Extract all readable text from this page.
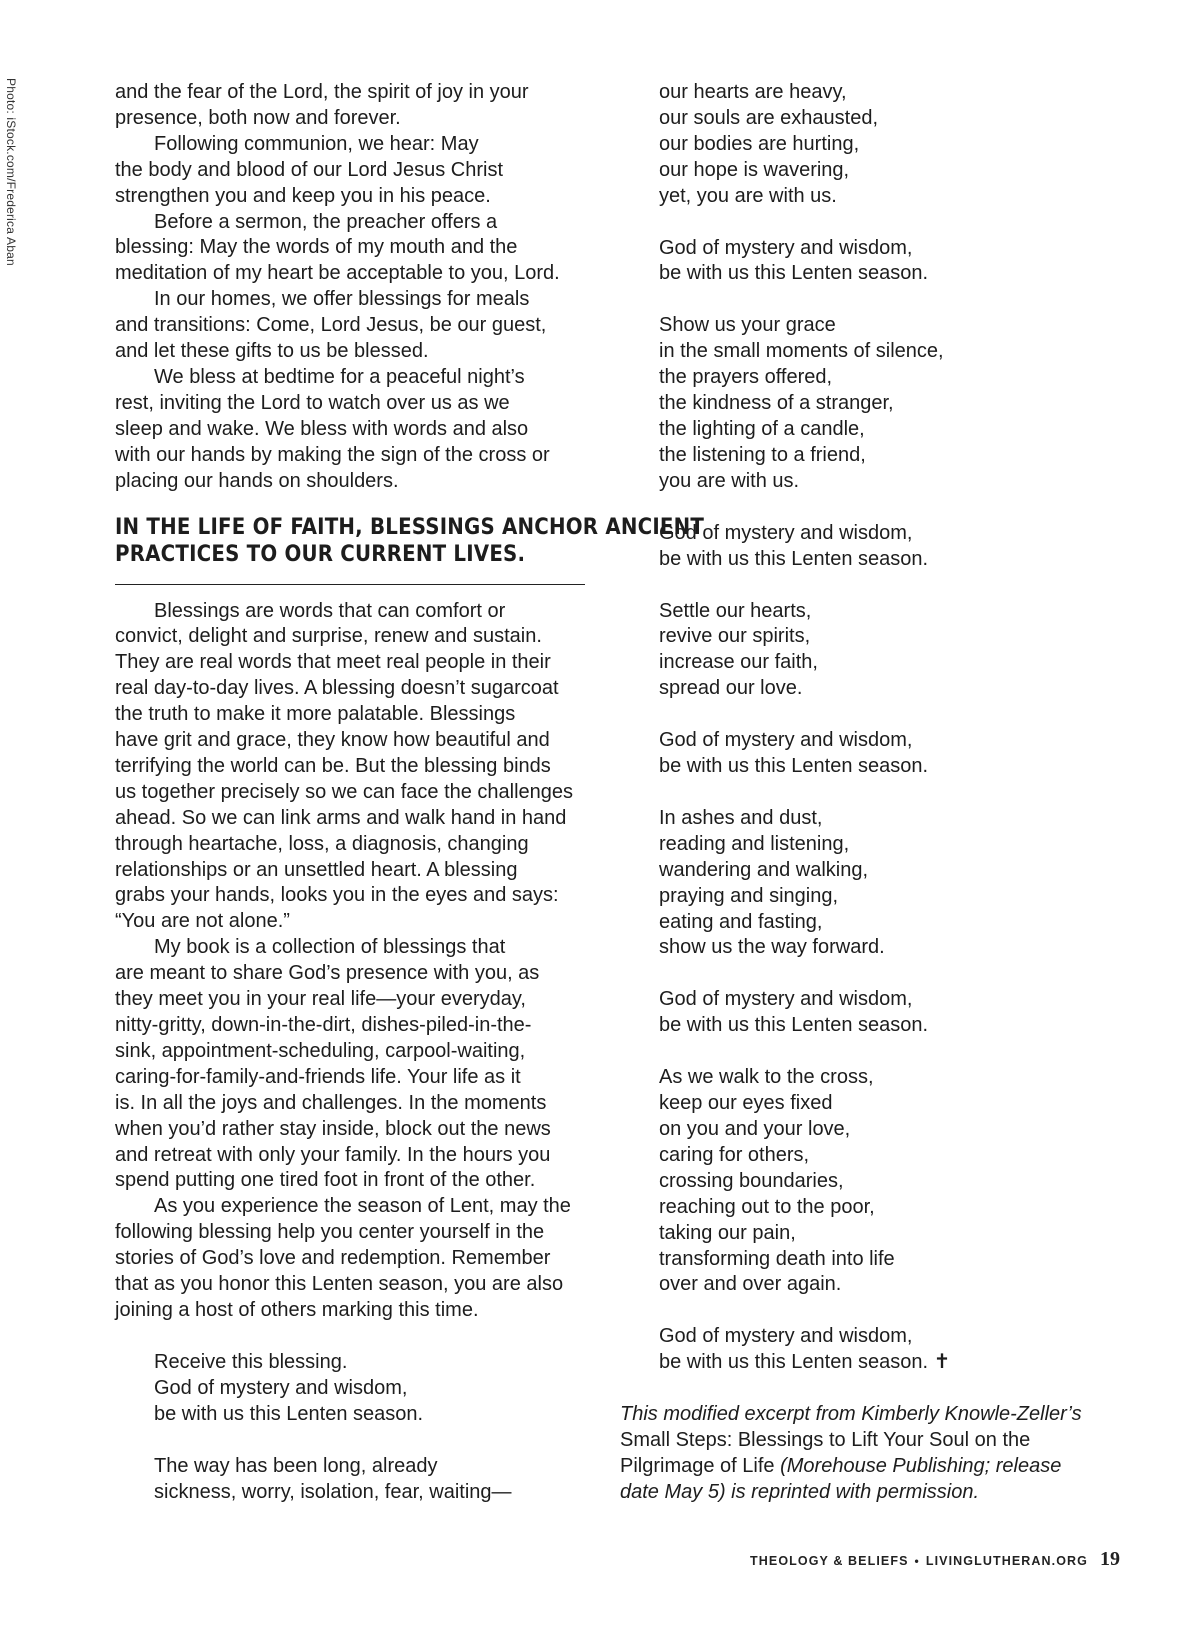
Photo: iStock.com/Frederica Aban	and the fear of the Lord, the spirit of joy in your
presence, both now and forever.

Following communion, we hear: May
the body and blood of our Lord Jesus Christ
strengthen you and keep you in his peace.

Before a sermon, the preacher offers a
blessing: May the words of my mouth and the
meditation of my heart be acceptable to you, Lord.

In our homes, we offer blessings for meals
and transitions: Come, Lord Jesus, be our guest,
and let these gifts to us be blessed.

We bless at bedtime for a peaceful night’s
rest, inviting the Lord to watch over us as we
sleep and wake. We bless with words and also
with our hands by making the sign of the cross or
placing our hands on shoulders.

IN THE LIFE OF FAITH, BLESSINGS ANCHOR ANCIENT
PRACTICES TO OUR CURRENT LIVES.

Blessings are words that can comfort or
convict, delight and surprise, renew and sustain.
They are real words that meet real people in their
real day-to-day lives. A blessing doesn’t sugarcoat
the truth to make it more palatable. Blessings
have grit and grace, they know how beautiful and
terrifying the world can be. But the blessing binds
us together precisely so we can face the challenges
ahead. So we can link arms and walk hand in hand
through heartache, loss, a diagnosis, changing
relationships or an unsettled heart. A blessing
grabs your hands, looks you in the eyes and says:
“You are not alone.”

My book is a collection of blessings that
are meant to share God’s presence with you, as
they meet you in your real life—your everyday,
nitty-gritty, down-in-the-dirt, dishes-piled-in-the-
sink, appointment-scheduling, carpool-waiting,
caring-for-family-and-friends life. Your life as it
is. In all the joys and challenges. In the moments
when you’d rather stay inside, block out the news
and retreat with only your family. In the hours you
spend putting one tired foot in front of the other.

As you experience the season of Lent, may the
following blessing help you center yourself in the
stories of God’s love and redemption. Remember
that as you honor this Lenten season, you are also
joining a host of others marking this time.

Receive this blessing.
God of mystery and wisdom,
be with us this Lenten season.
The way has been long, already
sickness, worry, isolation, fear, waiting—
our hearts are heavy,
our souls are exhausted,
our bodies are hurting,
our hope is wavering,
yet, you are with us.
God of mystery and wisdom,
be with us this Lenten season.
Show us your grace
in the small moments of silence,
the prayers offered,
the kindness of a stranger,
the lighting of a candle,
the listening to a friend,
you are with us.
God of mystery and wisdom,
be with us this Lenten season.
Settle our hearts,
revive our spirits,
increase our faith,
spread our love.
God of mystery and wisdom,
be with us this Lenten season.
In ashes and dust,
reading and listening,
wandering and walking,
praying and singing,
eating and fasting,
show us the way forward.
God of mystery and wisdom,
be with us this Lenten season.
As we walk to the cross,
keep our eyes fixed
on you and your love,
caring for others,
crossing boundaries,
reaching out to the poor,
taking our pain,
transforming death into life
over and over again.
God of mystery and wisdom,
be with us this Lenten season. ✝
This modified excerpt from Kimberly Knowle-Zeller’s
Small Steps: Blessings to Lift Your Soul on the
Pilgrimage of Life (Morehouse Publishing; release
date May 5) is reprinted with permission.
THEOLOGY & BELIEFS • LIVINGLUTHERAN.ORG 19
